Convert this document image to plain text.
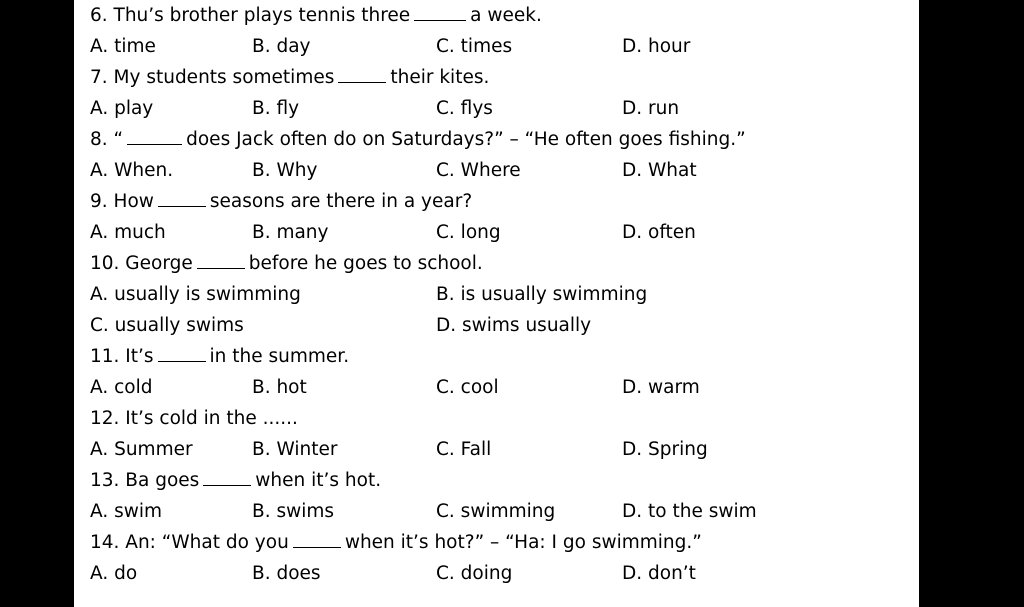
6. Thu’s brother plays tennis three	a week.
A. time	B. day	C. times	D. hour
7. My students sometimes	their kites.
A. play	B. fly	C. flys	D. run
8. “	does Jack often do on Saturdays?” – “He often goes fishing.”
A. When.	B. Why	C. Where	D. What
9. How	seasons are there in a year?
A. much	B. many	C. long	D. often
10. George	before he goes to school.
A. usually is swimming	B. is usually swimming
C. usually swims	D. swims usually
11. It’s	in the summer.
A. cold	B. hot	C. cool	D. warm
12. It’s cold in the ......
A. Summer	B. Winter	C. Fall	D. Spring
13. Ba goes	when it’s hot.
A. swim	B. swims	C. swimming	D. to the swim
14. An: “What do you	when it’s hot?” – “Ha: I go swimming.”
A. do	B. does	C. doing	D. don’t
